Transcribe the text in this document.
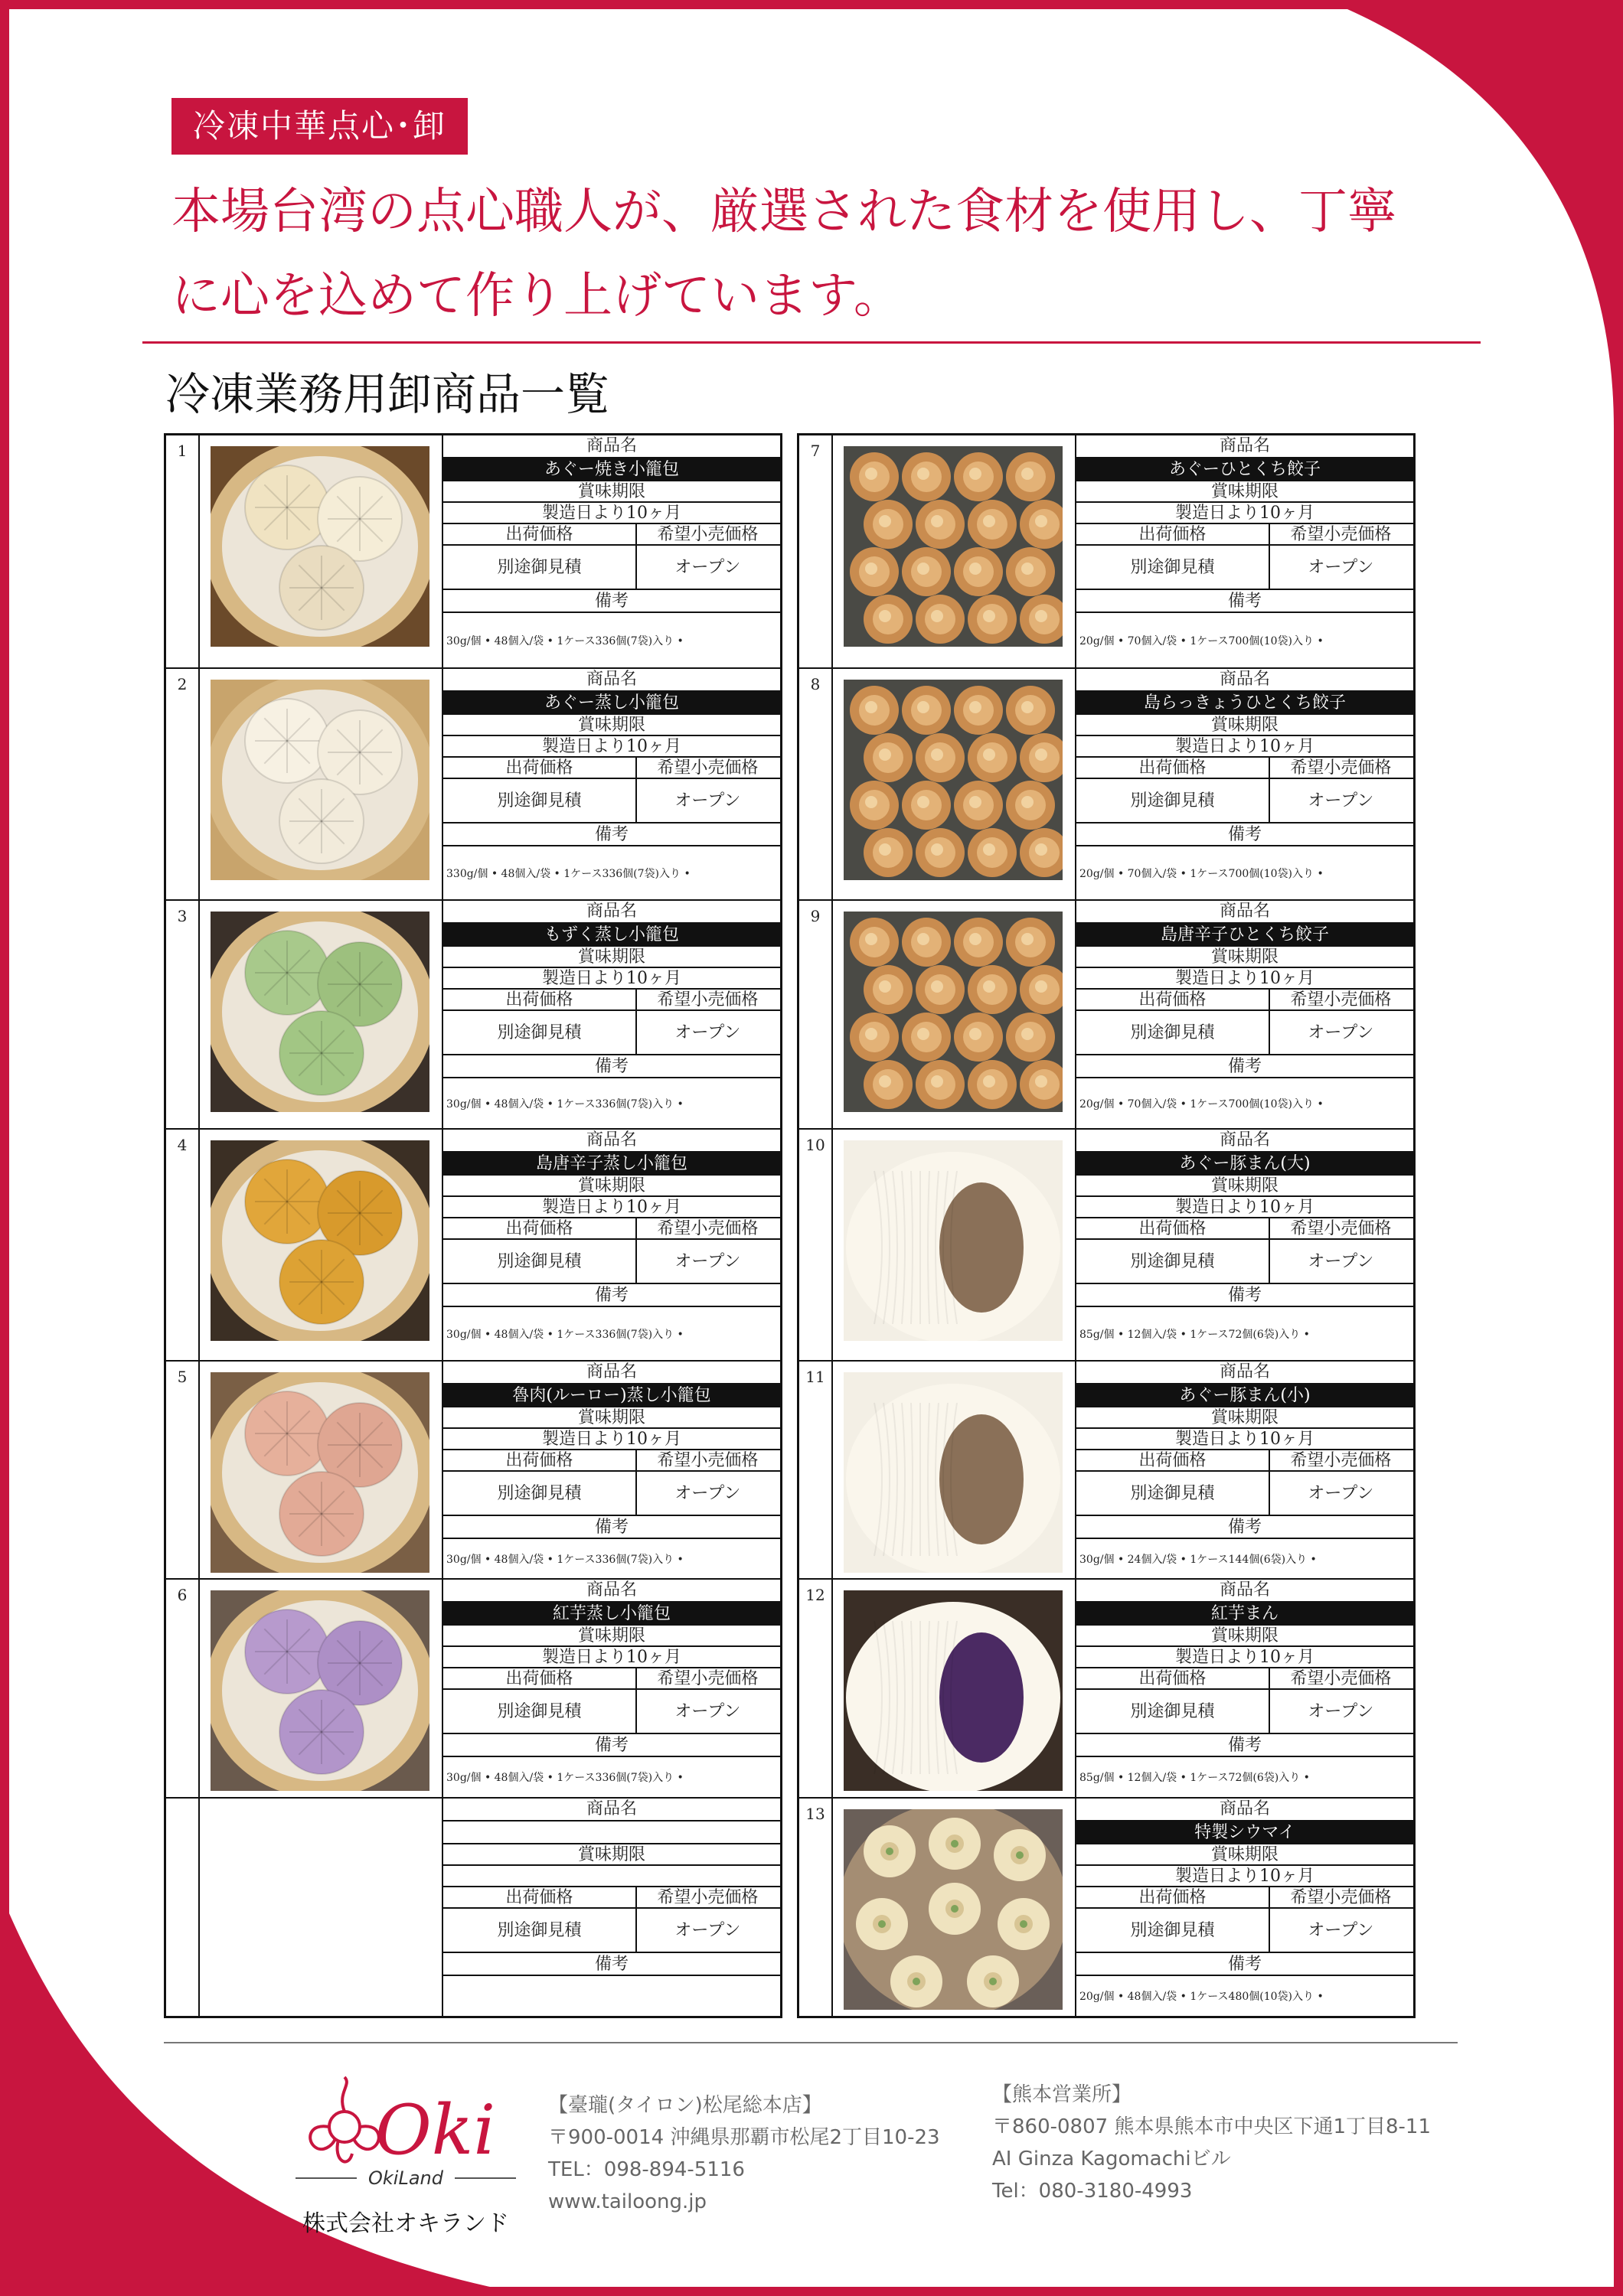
冷凍中華点心･卸
本場台湾の点心職人が、厳選された食材を使用し、丁寧
に心を込めて作り上げています。
冷凍業務用卸商品一覧
1	商品名
あぐー焼き小籠包
賞味期限
製造日より10ヶ月
出荷価格	希望小売価格
別途御見積	オープン
備考
30g/個 • 48個入/袋 • 1ケース336個(7袋)入り •
2	商品名
あぐー蒸し小籠包
賞味期限
製造日より10ヶ月
出荷価格	希望小売価格
別途御見積	オープン
備考
330g/個 • 48個入/袋 • 1ケース336個(7袋)入り •
3	商品名
もずく蒸し小籠包
賞味期限
製造日より10ヶ月
出荷価格	希望小売価格
別途御見積	オープン
備考
30g/個 • 48個入/袋 • 1ケース336個(7袋)入り •
4	商品名
島唐辛子蒸し小籠包
賞味期限
製造日より10ヶ月
出荷価格	希望小売価格
別途御見積	オープン
備考
30g/個 • 48個入/袋 • 1ケース336個(7袋)入り •
5	商品名
魯肉(ルーロー)蒸し小籠包
賞味期限
製造日より10ヶ月
出荷価格	希望小売価格
別途御見積	オープン
備考
30g/個 • 48個入/袋 • 1ケース336個(7袋)入り •
6	商品名
紅芋蒸し小籠包
賞味期限
製造日より10ヶ月
出荷価格	希望小売価格
別途御見積	オープン
備考
30g/個 • 48個入/袋 • 1ケース336個(7袋)入り •
商品名
賞味期限
出荷価格	希望小売価格
別途御見積	オープン
備考
7	商品名
あぐーひとくち餃子
賞味期限
製造日より10ヶ月
出荷価格	希望小売価格
別途御見積	オープン
備考
20g/個 • 70個入/袋 • 1ケース700個(10袋)入り •
8	商品名
島らっきょうひとくち餃子
賞味期限
製造日より10ヶ月
出荷価格	希望小売価格
別途御見積	オープン
備考
20g/個 • 70個入/袋 • 1ケース700個(10袋)入り •
9	商品名
島唐辛子ひとくち餃子
賞味期限
製造日より10ヶ月
出荷価格	希望小売価格
別途御見積	オープン
備考
20g/個 • 70個入/袋 • 1ケース700個(10袋)入り •
10	商品名
あぐー豚まん(大)
賞味期限
製造日より10ヶ月
出荷価格	希望小売価格
別途御見積	オープン
備考
85g/個 • 12個入/袋 • 1ケース72個(6袋)入り •
11	商品名
あぐー豚まん(小)
賞味期限
製造日より10ヶ月
出荷価格	希望小売価格
別途御見積	オープン
備考
30g/個 • 24個入/袋 • 1ケース144個(6袋)入り •
12	商品名
紅芋まん
賞味期限
製造日より10ヶ月
出荷価格	希望小売価格
別途御見積	オープン
備考
85g/個 • 12個入/袋 • 1ケース72個(6袋)入り •
13	商品名
特製シウマイ
賞味期限
製造日より10ヶ月
出荷価格	希望小売価格
別途御見積	オープン
備考
20g/個 • 48個入/袋 • 1ケース480個(10袋)入り •
Oki
OkiLand
株式会社オキランド
【臺瓏(タイロン)松尾総本店】
〒900-0014 沖縄県那覇市松尾2丁目10-23
TEL：098-894-5116
www.tailoong.jp
【熊本営業所】
〒860-0807 熊本県熊本市中央区下通1丁目8-11
AI Ginza Kagomachiビル
Tel：080-3180-4993
